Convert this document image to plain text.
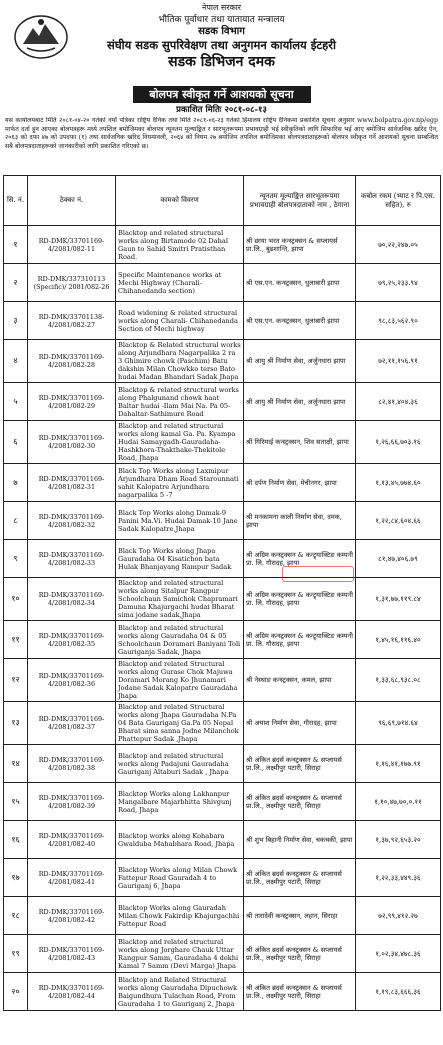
नेपाल सरकार
भौतिक पूर्वाधार तथा यातायात मन्त्रालय
सडक विभाग
संघीय सडक सुपरिवेक्षण तथा अनुगमन कार्यालय ईटहरी
सडक डिभिजन दमक
बोलपत्र स्वीकृत गर्ने आशयको सूचना
प्रकाशित मितिः २०८१-०८-१३
यस कार्यालयबाट मिति २०८१-०४-२० गतेको नयाँ पत्रिका राष्ट्रिय दैनिक तथा मिति २०८१-०६-२३ गतेको हिमालय राष्ट्रिय दैनिकमा प्रकाशित सूचना अनुसार www.bolpatra.gov.np/egp मार्फत दर्ता हुन आएका बोलपत्रहरू मध्ये तपशिल बमोजिमका बोलपत्र न्यूनतम मूल्याङ्कित र सारभूतरूपमा प्रभावग्राही भई स्वीकृतिको लागि सिफारिस भई आए बमोजिम सार्वजनिक खरिद ऐन, २०६३ को दफा ४७ को उपदफा (१) तथा सार्वजनिक खरिद नियमावली, २०६४ को नियम २७ बमोजिम तपशिल बमोजिमका बोलपत्रदाताहरूको बोलपत्र स्वीकृत गर्ने आशयको सूचना सम्बन्धित सबै बोलपत्रदाताहरूको जानकारीको लागि प्रकाशित गरिएको छ।
सि. नं.	ठेक्का नं.	कामको विवरण	न्यूनतम मूल्याङ्कित सारभूतरूपमा प्रभावग्राही बोलपत्रदाताको नाम , ठेगाना	कबोल रकम (भ्याट र पि.एस. सहित), रु
१	RD-DMK/33701169-4/2081/082-11	Blacktop and related structural works along Birtamode 02 Dahal Gaun to Sahid Smitri Pratisthan Road.	श्री छाया भरत कन्स्ट्रक्सन & सप्लायर्स प्रा.लि., बुढशान्ति, झापा	७०,२२,२४७.०५
२	RD-DMK/337310113 (Specific)/ 2081/082-26	Specific Maintenance works at Mechi Highway (Charali-Chihanedanda section)	श्री एस.एन. कन्स्ट्रक्सन, धुलाबारी झापा	७९,२५,२३३.९४
३	RD-DMK/33701138-4/2081/082-27	Road widening & related structural works along Charali- Chihanedanda Section of Mechi highway	श्री एस.एन. कन्स्ट्रक्सन, धुलाबारी झापा	९८,८३,५६२.९०
४	RD-DMK/33701169-4/2081/082-28	Blacktop & Related structural works along Arjundhara Nagarpalika 2 ra 3 Ghimire chowk (Paschim) Batu dakshin Milan Chowkko terso Bato hudai Madan Bhandari Sadak Jhapa	श्री आयु श्री निर्माण सेवा, अर्जुनधारा झापा	७२,११,१५६.९१
५	RD-DMK/33701169-4/2081/082-29	Blacktop & related structural works along Phalgunand chowk haat Baltar hudai -Ilam Mai Na. Pa 05-Dahaltar-Sathimure Road	श्री आयु श्री निर्माण सेवा, अर्जुनधारा झापा	८२,४१,४०४.३६
६	RD-DMK/33701169-4/2081/082-30	Blacktop and related structural works along kamal Ga. Pa. Kyampa Hudai Samaygadh-Gauradaha-Hashkhora-Thakthake-Thekitole Road, Jhapa	श्री गिरिमाई कन्स्ट्रक्सन, शिव सताक्षी, झापा	१,२६,६६,७०३.१६
७	RD-DMK/33701169-4/2081/082-31	Black Top Works along Laxmipur Arjundhara Dham Road Starounnati sahit Kalopatre Arjundhara nagarpalika 5 -7	श्री दर्पण निर्माण सेवा, मेचीनगर, झापा	१,१३,४५,७७४.६०
८	RD-DMK/33701169-4/2081/082-32	Black Top Works along Damak-9 Panini Ma.Vi. Hudai Damak-10 Jane Sadak Kalopatre,Jhapa	श्री मनकामना काली निर्माण सेवा, दमक, झापा	१,२२,८४,६०४.६६
९	RD-DMK/33701169-4/2081/082-33	Black Top Works along Jhapa Gauradaha 04 Kisatichon bata Hulak Bhanjayang Rampur Sadak	श्री अग्रिम कन्स्ट्रक्सन & कन्ट्र्याक्टिङ कम्पनी प्रा. लि. गौरादह, झापा	८१,४७,४०६.७९
१०	RD-DMK/33701169-4/2081/082-34	Blacktop and related structural works along Sitalpur Rangpur Schoolchaun Samichok Chapramari Damuna Khajurgachi hudai Bharat sima jodane sadak,Jhapa	श्री अग्रिम कन्स्ट्रक्सन & कन्ट्र्याक्टिङ कम्पनी प्रा. लि. गौरादह, झापा	१,३१,७७,११९.८४
११	RD-DMK/33701169-4/2081/082-35	Blacktop and related structural works along Gauradaha 04 & 05 Schoolchaun Doramari Baniyani Toli Gauriganja Sadak, Jhapa	श्री अग्रिम कन्स्ट्रक्सन & कन्ट्र्याक्टिङ कम्पनी प्रा. लि. गौरादह, झापा	१,४५,१६,११६.४०
१२	RD-DMK/33701169-4/2081/082-36	Blacktop and related Structural works along Gurase Chok Majuwa Doramari Morang Ko Jhunamari Jodane Sadak Kalopatre Gauradaha Jhapa	श्री नेस्थाङ कन्स्ट्रक्सन, कमल, झापा	१,३३,६८,९३८.०८
१३	RD-DMK/33701169-4/2081/082-37	Blacktop and related Structural works along Jhapa Gauradaha N.Pa 04 Bata Gauriganj Ga.Pa 05 Nepal Bharat sima sanna Jodne Milanchok Phattepur Sadak ,Jhapa	श्री अयाश निर्माण सेवा, गौरादह, झापा	९६,६९,७१४.६४
१४	RD-DMK/33701169-4/2081/082-38	Blacktop and related structural works along Padajuni Gauradaha Gauriganj Altaburi Sadak , Jhapa	श्री अंकित ब्रदर्स कन्स्ट्रक्सन & सप्लायर्स प्रा.लि., लक्ष्मीपुर पटारी, सिराहा	१,१६,४१,१७७.९१
१५	RD-DMK/33701169-4/2081/082-39	Blacktop Works along Lakhanpur Mangalbare Majarbhitta Shivgunj Road, Jhapa	श्री अंकित ब्रदर्स कन्स्ट्रक्सन & सप्लायर्स प्रा.लि., लक्ष्मीपुर पटारी, सिराहा	१,१०,४७,७०,०.११
१६	RD-DMK/33701169-4/2081/082-40	Blacktop works along Kohabara Gwalduba Mahabhara Road, Jhapa	श्री शुभ बिहानी निर्माण सेवा, चकचकी, झापा	१,३७,९२,६५३.२०
१७	RD-DMK/33701169-4/2081/082-41	Blacktop Works along Milan Chowk Fattepur Road Gauradah 4 to Gauriganj 6, Jhapa	श्री अंकित ब्रदर्स कन्स्ट्रक्सन & सप्लायर्स प्रा.लि., लक्ष्मीपुर पटारी, सिराहा	१,२२,३३,४४९.३६
१८	RD-DMK/33701169-4/2081/082-42	Blacktop Works along Gauradah Milan Chowk Fakirdip Khajurgachhi Fattepur Road	श्री तारादेवी कन्स्ट्रक्सन, लहान, सिराहा	७२,९९,४१२.२७
१९	RD-DMK/33701169-4/2081/082-43	Blacktop and related structural works along Jorghare Chauk Uttar Rangpur Samm, Gauradaha 4 dekhi Kamal 7 Samm (Devi Marga) Jhapa	श्री अंकित ब्रदर्स कन्स्ट्रक्सन & सप्लायर्स प्रा.लि., लक्ष्मीपुर पटारी, सिराहा	१,०२,३४,४७८.३६
२०	RD-DMK/33701169-4/2081/082-44	Blacktop and Related Structural works along Gauradaha Dipuchowk Baigundhura Tulachan Road, From Gauradaha 1 to Gauriganj 2, Jhapa	श्री अंकित ब्रदर्स कन्स्ट्रक्सन & सप्लायर्स प्रा.लि., लक्ष्मीपुर पटारी, सिराहा	१,१९,८३,६६६.३६
